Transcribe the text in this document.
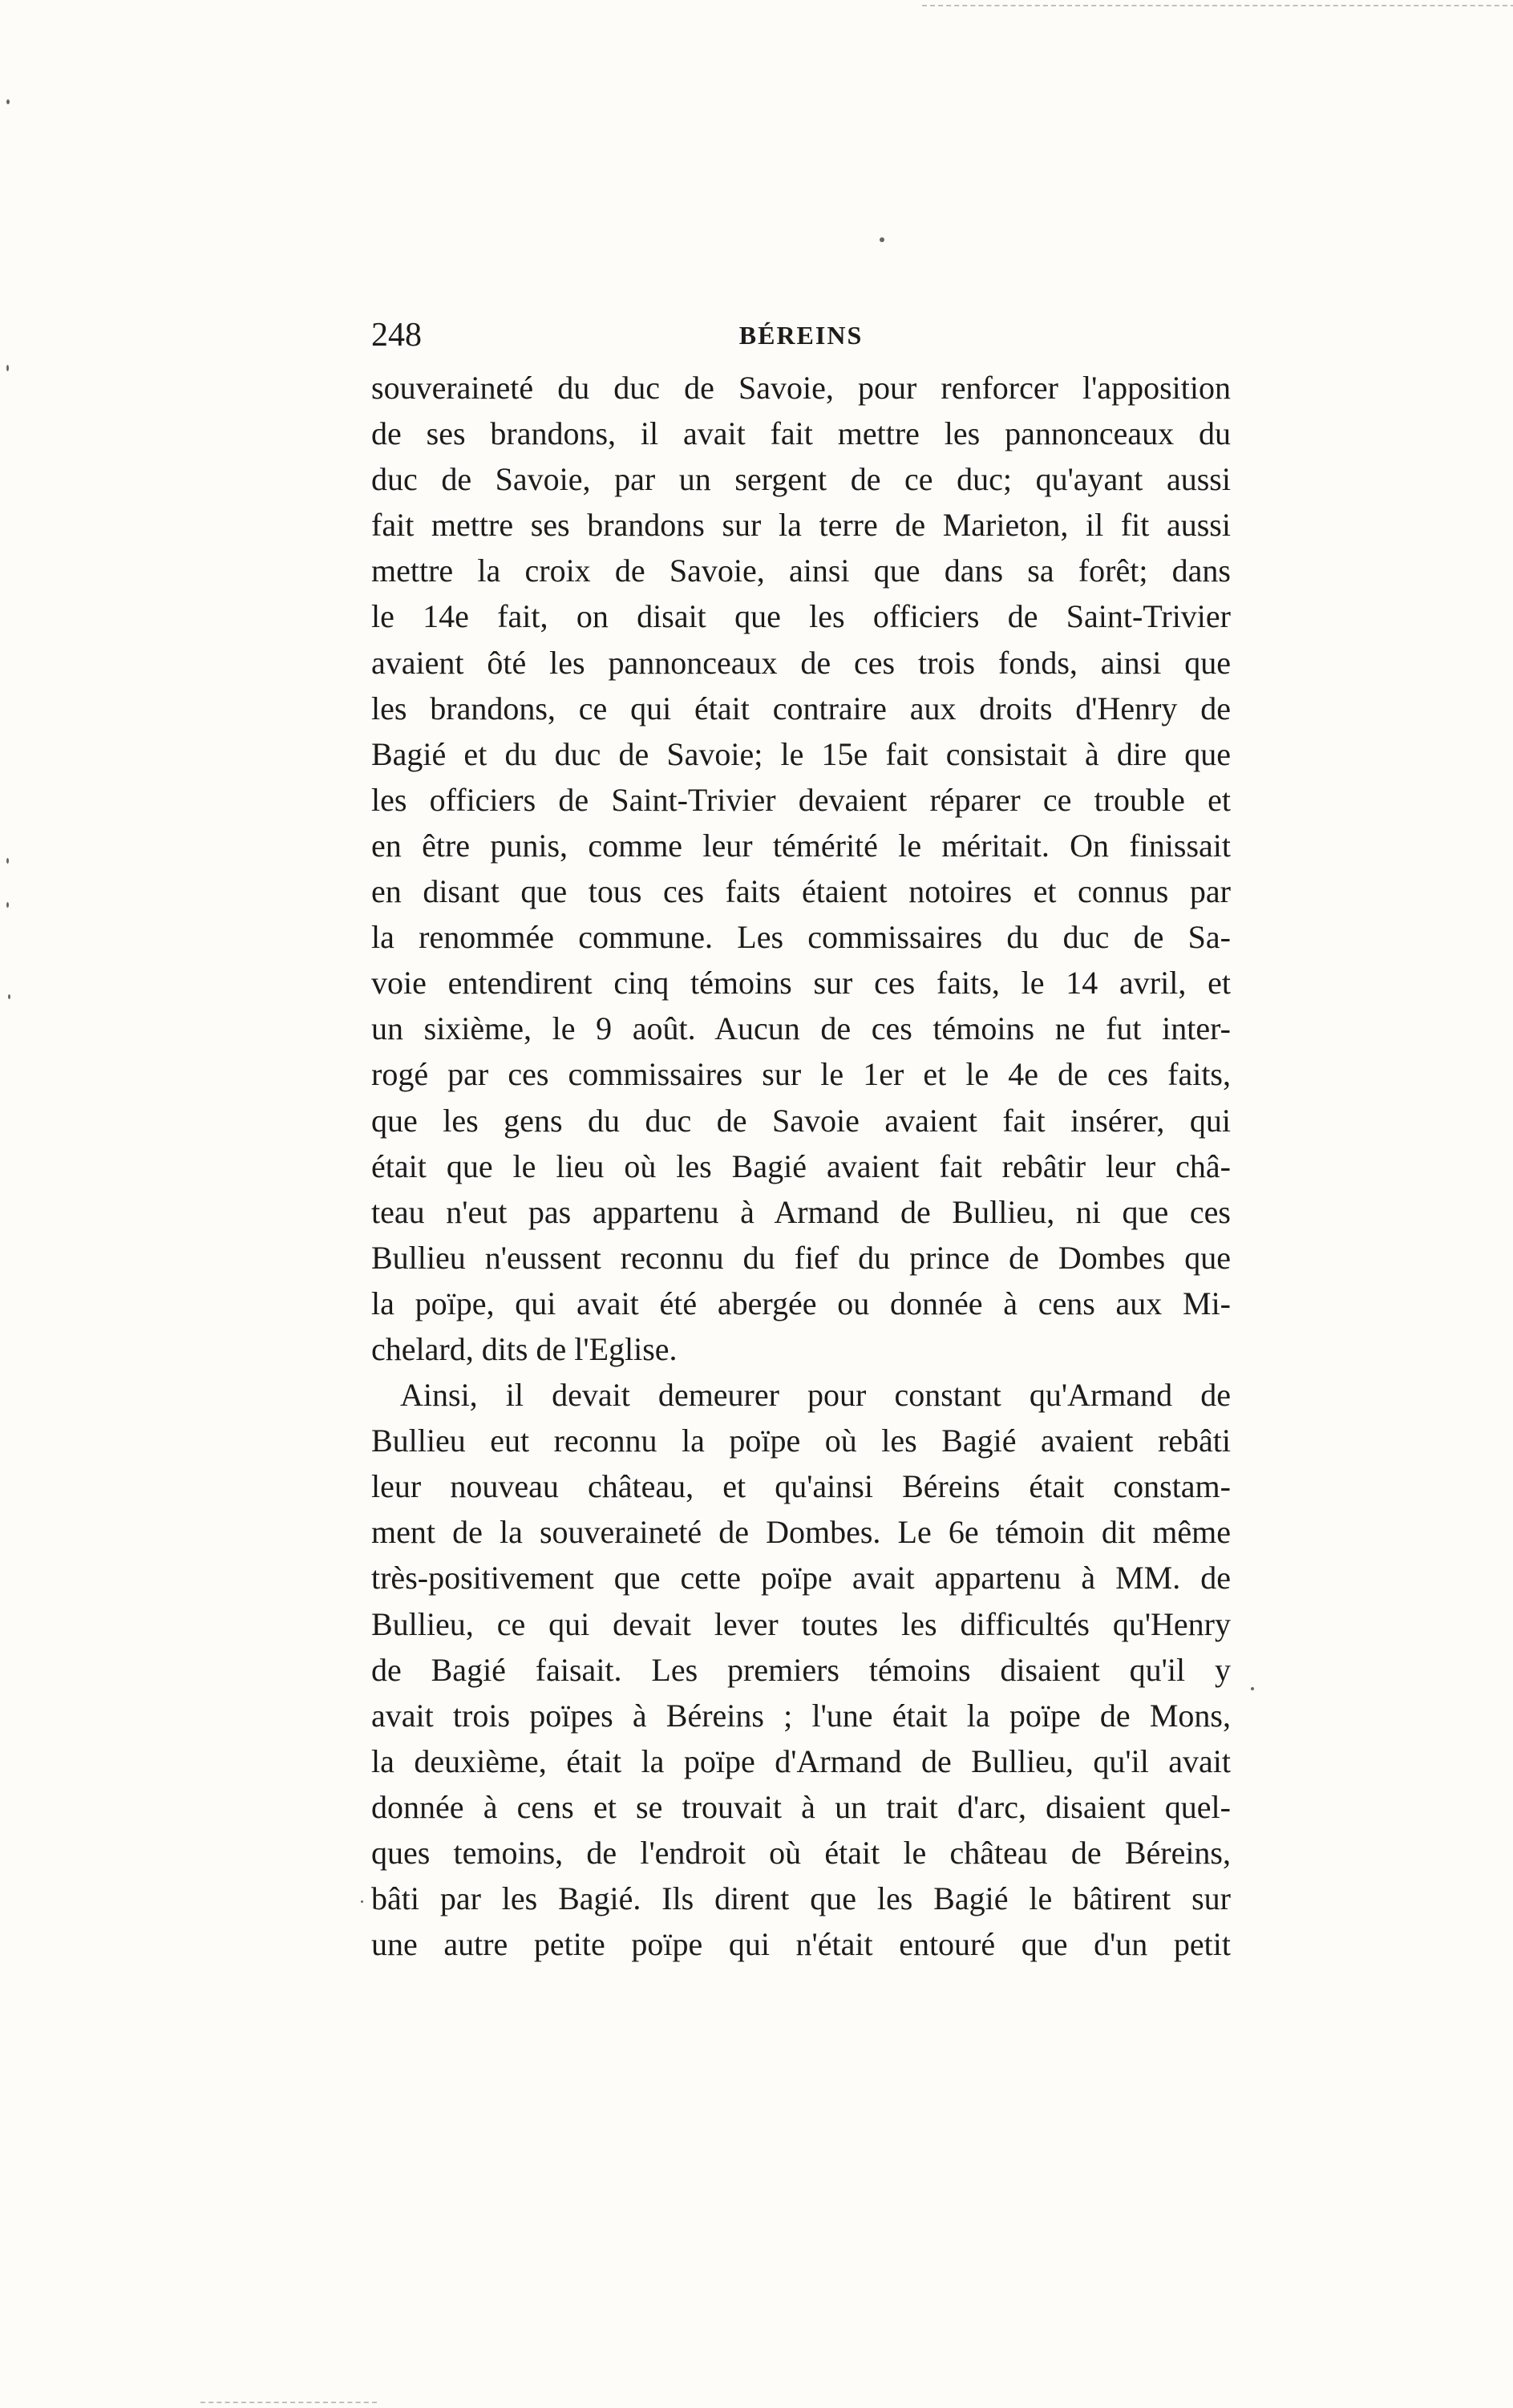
248	BÉREINS
souveraineté du duc de Savoie, pour renforcer l'apposition
de ses brandons, il avait fait mettre les pannonceaux du
duc de Savoie, par un sergent de ce duc; qu'ayant aussi
fait mettre ses brandons sur la terre de Marieton, il fit aussi
mettre la croix de Savoie, ainsi que dans sa forêt; dans
le 14e fait, on disait que les officiers de Saint-Trivier
avaient ôté les pannonceaux de ces trois fonds, ainsi que
les brandons, ce qui était contraire aux droits d'Henry de
Bagié et du duc de Savoie; le 15e fait consistait à dire que
les officiers de Saint-Trivier devaient réparer ce trouble et
en être punis, comme leur témérité le méritait. On finissait
en disant que tous ces faits étaient notoires et connus par
la renommée commune. Les commissaires du duc de Sa-
voie entendirent cinq témoins sur ces faits, le 14 avril, et
un sixième, le 9 août. Aucun de ces témoins ne fut inter-
rogé par ces commissaires sur le 1er et le 4e de ces faits,
que les gens du duc de Savoie avaient fait insérer, qui
était que le lieu où les Bagié avaient fait rebâtir leur châ-
teau n'eut pas appartenu à Armand de Bullieu, ni que ces
Bullieu n'eussent reconnu du fief du prince de Dombes que
la poïpe, qui avait été abergée ou donnée à cens aux Mi-
chelard, dits de l'Eglise.
Ainsi, il devait demeurer pour constant qu'Armand de
Bullieu eut reconnu la poïpe où les Bagié avaient rebâti
leur nouveau château, et qu'ainsi Béreins était constam-
ment de la souveraineté de Dombes. Le 6e témoin dit même
très-positivement que cette poïpe avait appartenu à MM. de
Bullieu, ce qui devait lever toutes les difficultés qu'Henry
de Bagié faisait. Les premiers témoins disaient qu'il y
avait trois poïpes à Béreins ; l'une était la poïpe de Mons,
la deuxième, était la poïpe d'Armand de Bullieu, qu'il avait
donnée à cens et se trouvait à un trait d'arc, disaient quel-
ques temoins, de l'endroit où était le château de Béreins,
bâti par les Bagié. Ils dirent que les Bagié le bâtirent sur
une autre petite poïpe qui n'était entouré que d'un petit
